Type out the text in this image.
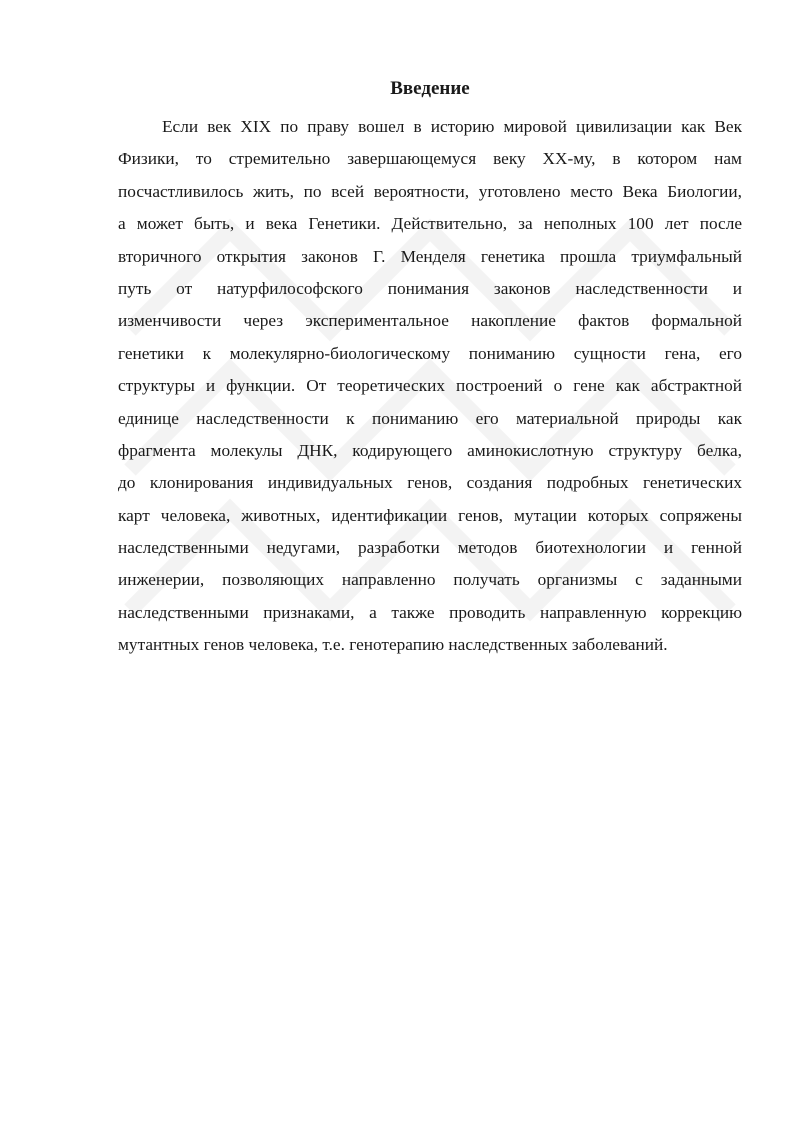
Введение
Если век XIX по праву вошел в историю мировой цивилизации как Век
Физики, то стремительно завершающемуся веку XX-му, в котором нам
посчастливилось жить, по всей вероятности, уготовлено место Века Биологии,
а может быть, и века Генетики. Действительно, за неполных 100 лет после
вторичного открытия законов Г. Менделя генетика прошла триумфальный
путь от натурфилософского понимания законов наследственности и
изменчивости через экспериментальное накопление фактов формальной
генетики к молекулярно-биологическому пониманию сущности гена, его
структуры и функции. От теоретических построений о гене как абстрактной
единице наследственности к пониманию его материальной природы как
фрагмента молекулы ДНК, кодирующего аминокислотную структуру белка,
до клонирования индивидуальных генов, создания подробных генетических
карт человека, животных, идентификации генов, мутации которых сопряжены
наследственными недугами, разработки методов биотехнологии и генной
инженерии, позволяющих направленно получать организмы с заданными
наследственными признаками, а также проводить направленную коррекцию
мутантных генов человека, т.е. генотерапию наследственных заболеваний.
